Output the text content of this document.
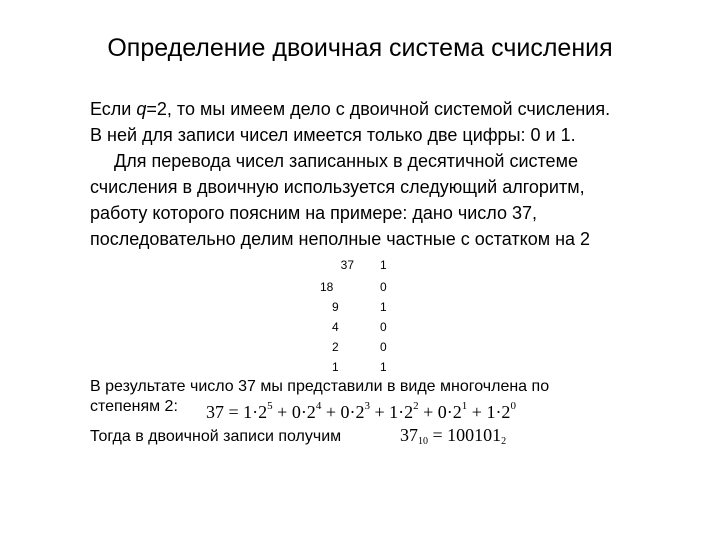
Определение двоичная система счисления
Если q=2, то мы имеем дело с двоичной системой счисления.
В ней для записи чисел имеется только две цифры: 0 и 1.
Для перевода чисел записанных в десятичной системе
счисления в двоичную используется следующий алгоритм,
работу которого поясним на примере: дано число 37,
последовательно делим неполные частные с остатком на 2
37 1
18	0
9	1
4	0
2	0
1	1
В результате число 37 мы представили в виде многочлена по
степеням 2:
Тогда в двоичной записи получим
$37 = 1\cdot 2^5 + 0\cdot 2^4 + 0\cdot 2^3 + 1\cdot 2^2 + 0\cdot 2^1 + 1\cdot 2^0$
$37_{10} = 100101_2$
